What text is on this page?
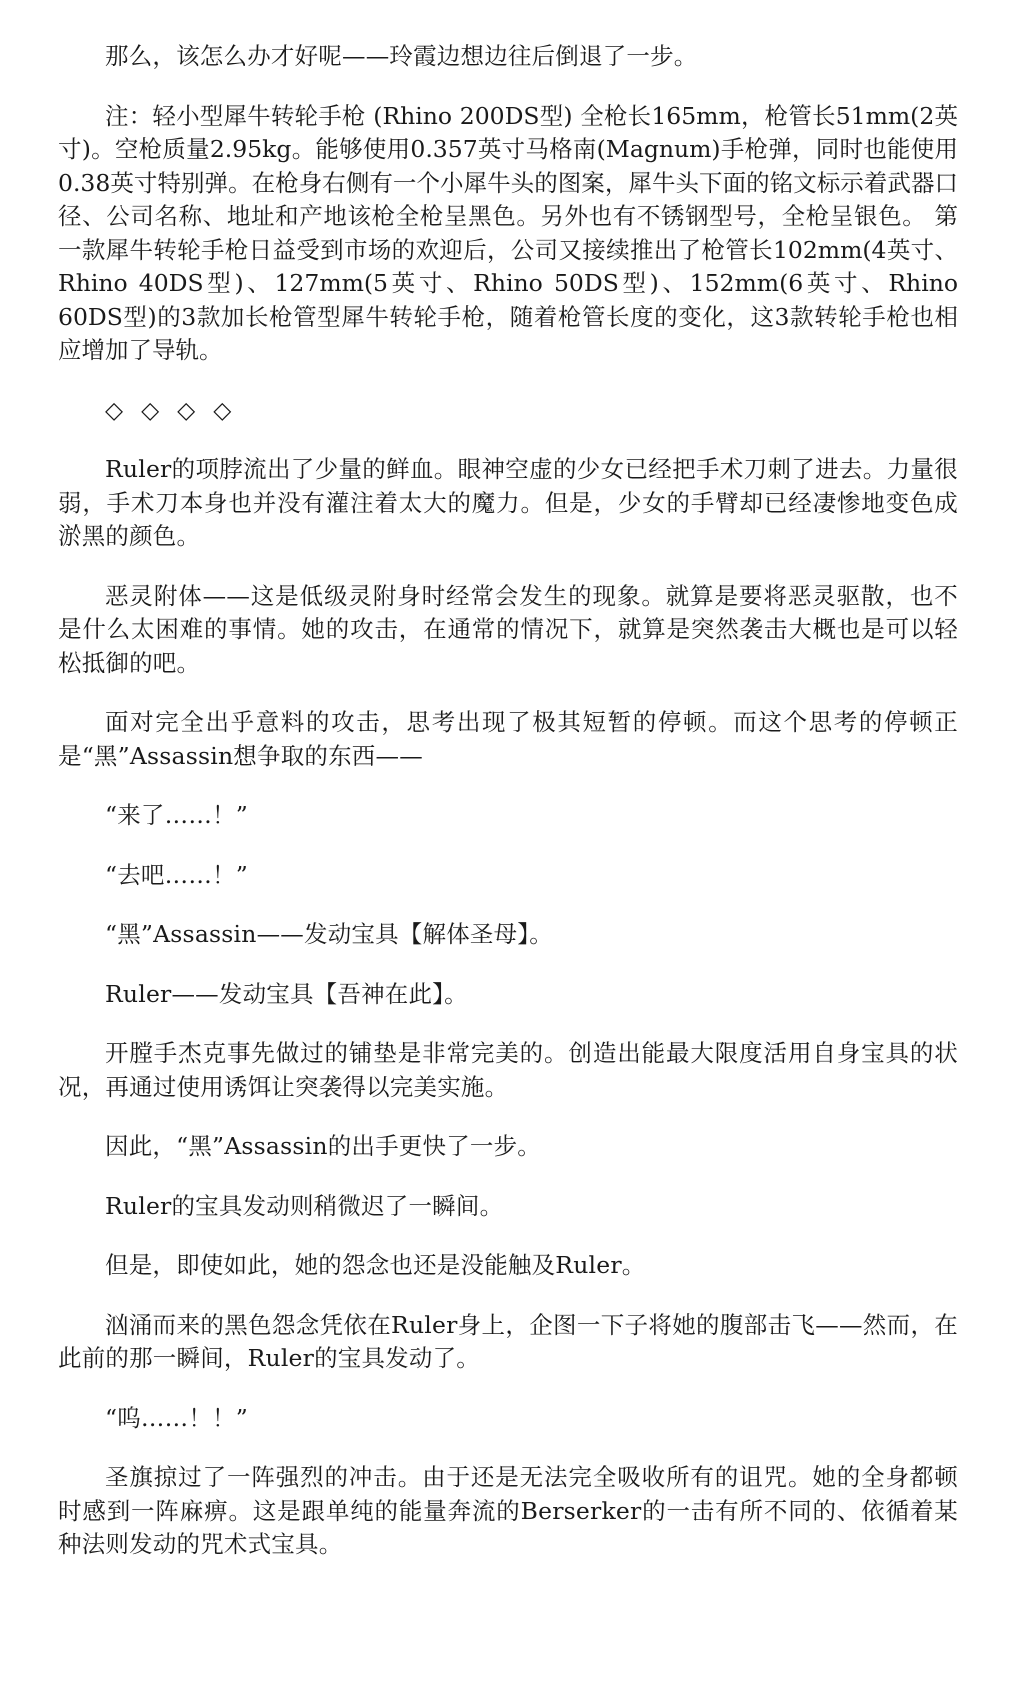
那么，该怎么办才好呢——玲霞边想边往后倒退了一步。

注：轻小型犀牛转轮手枪 (Rhino 200DS型) 全枪长165mm，枪管长51mm(2英寸)。空枪质量2.95kg。能够使用0.357英寸马格南(Magnum)手枪弹，同时也能使用0.38英寸特别弹。在枪身右侧有一个小犀牛头的图案，犀牛头下面的铭文标示着武器口径、公司名称、地址和产地该枪全枪呈黑色。另外也有不锈钢型号，全枪呈银色。 第一款犀牛转轮手枪日益受到市场的欢迎后，公司又接续推出了枪管长102mm(4英寸、Rhino 40DS型)、127mm(5英寸、Rhino 50DS型)、152mm(6英寸、Rhino 60DS型)的3款加长枪管型犀牛转轮手枪，随着枪管长度的变化，这3款转轮手枪也相应增加了导轨。

◇◇◇◇

Ruler的项脖流出了少量的鲜血。眼神空虚的少女已经把手术刀刺了进去。力量很弱，手术刀本身也并没有灌注着太大的魔力。但是，少女的手臂却已经凄惨地变色成淤黑的颜色。

恶灵附体——这是低级灵附身时经常会发生的现象。就算是要将恶灵驱散，也不是什么太困难的事情。她的攻击，在通常的情况下，就算是突然袭击大概也是可以轻松抵御的吧。

面对完全出乎意料的攻击，思考出现了极其短暂的停顿。而这个思考的停顿正是“黑”Assassin想争取的东西——

“来了……！”

“去吧……！”

“黑”Assassin——发动宝具【解体圣母】。

Ruler——发动宝具【吾神在此】。

开膛手杰克事先做过的铺垫是非常完美的。创造出能最大限度活用自身宝具的状况，再通过使用诱饵让突袭得以完美实施。

因此，“黑”Assassin的出手更快了一步。

Ruler的宝具发动则稍微迟了一瞬间。

但是，即使如此，她的怨念也还是没能触及Ruler。

汹涌而来的黑色怨念凭依在Ruler身上，企图一下子将她的腹部击飞——然而，在此前的那一瞬间，Ruler的宝具发动了。

“呜……！！”

圣旗掠过了一阵强烈的冲击。由于还是无法完全吸收所有的诅咒。她的全身都顿时感到一阵麻痹。这是跟单纯的能量奔流的Berserker的一击有所不同的、依循着某种法则发动的咒术式宝具。
